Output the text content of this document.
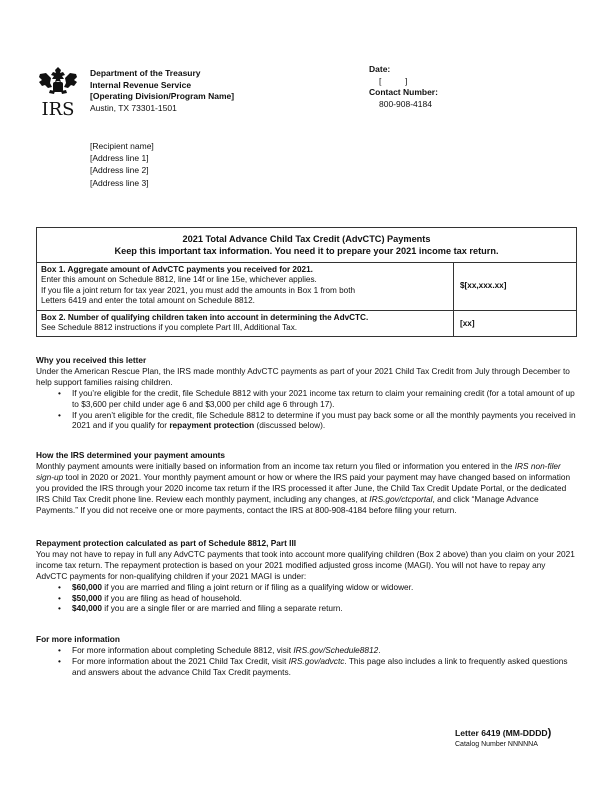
IRS
Department of the Treasury
Internal Revenue Service
[Operating Division/Program Name]
Austin, TX 73301-1501
Date:
[          ]
Contact Number:
800-908-4184
[Recipient name]
[Address line 1]
[Address line 2]
[Address line 3]
2021 Total Advance Child Tax Credit (AdvCTC) Payments
Keep this important tax information. You need it to prepare your 2021 income tax return.
Box 1. Aggregate amount of AdvCTC payments you received for 2021.
Enter this amount on Schedule 8812, line 14f or line 15e, whichever applies.
If you file a joint return for tax year 2021, you must add the amounts in Box 1 from both
Letters 6419 and enter the total amount on Schedule 8812.
$[xx,xxx.xx]
Box 2. Number of qualifying children taken into account in determining the AdvCTC.
See Schedule 8812 instructions if you complete Part III, Additional Tax.	[xx]
Why you received this letter

Under the American Rescue Plan, the IRS made monthly AdvCTC payments as part of your 2021 Child Tax Credit from July through December to help support families raising children.

• If you’re eligible for the credit, file Schedule 8812 with your 2021 income tax return to claim your remaining credit (for a total amount of up to $3,600 per child under age 6 and $3,000 per child age 6 through 17).
• If you aren’t eligible for the credit, file Schedule 8812 to determine if you must pay back some or all the monthly payments you received in 2021 and if you qualify for repayment protection (discussed below).
How the IRS determined your payment amounts

Monthly payment amounts were initially based on information from an income tax return you filed or information you entered in the IRS non-filer sign-up tool in 2020 or 2021. Your monthly payment amount or how or where the IRS paid your payment may have changed based on information you provided the IRS through your 2020 income tax return if the IRS processed it after June, the Child Tax Credit Update Portal, or the dedicated IRS Child Tax Credit phone line. Review each monthly payment, including any changes, at IRS.gov/ctcportal, and click “Manage Advance Payments.” If you did not receive one or more payments, contact the IRS at 800-908-4184 before filing your return.

Repayment protection calculated as part of Schedule 8812, Part III

You may not have to repay in full any AdvCTC payments that took into account more qualifying children (Box 2 above) than you claim on your 2021 income tax return. The repayment protection is based on your 2021 modified adjusted gross income (MAGI). You will not have to repay any AdvCTC payments for non-qualifying children if your 2021 MAGI is under:

• $60,000 if you are married and filing a joint return or if filing as a qualifying widow or widower.
• $50,000 if you are filing as head of household.
• $40,000 if you are a single filer or are married and filing a separate return.
For more information
• For more information about completing Schedule 8812, visit IRS.gov/Schedule8812.
• For more information about the 2021 Child Tax Credit, visit IRS.gov/advctc. This page also includes a link to frequently asked questions and answers about the advance Child Tax Credit payments.
Letter 6419 (MM-DDDD)
Catalog Number NNNNNA
